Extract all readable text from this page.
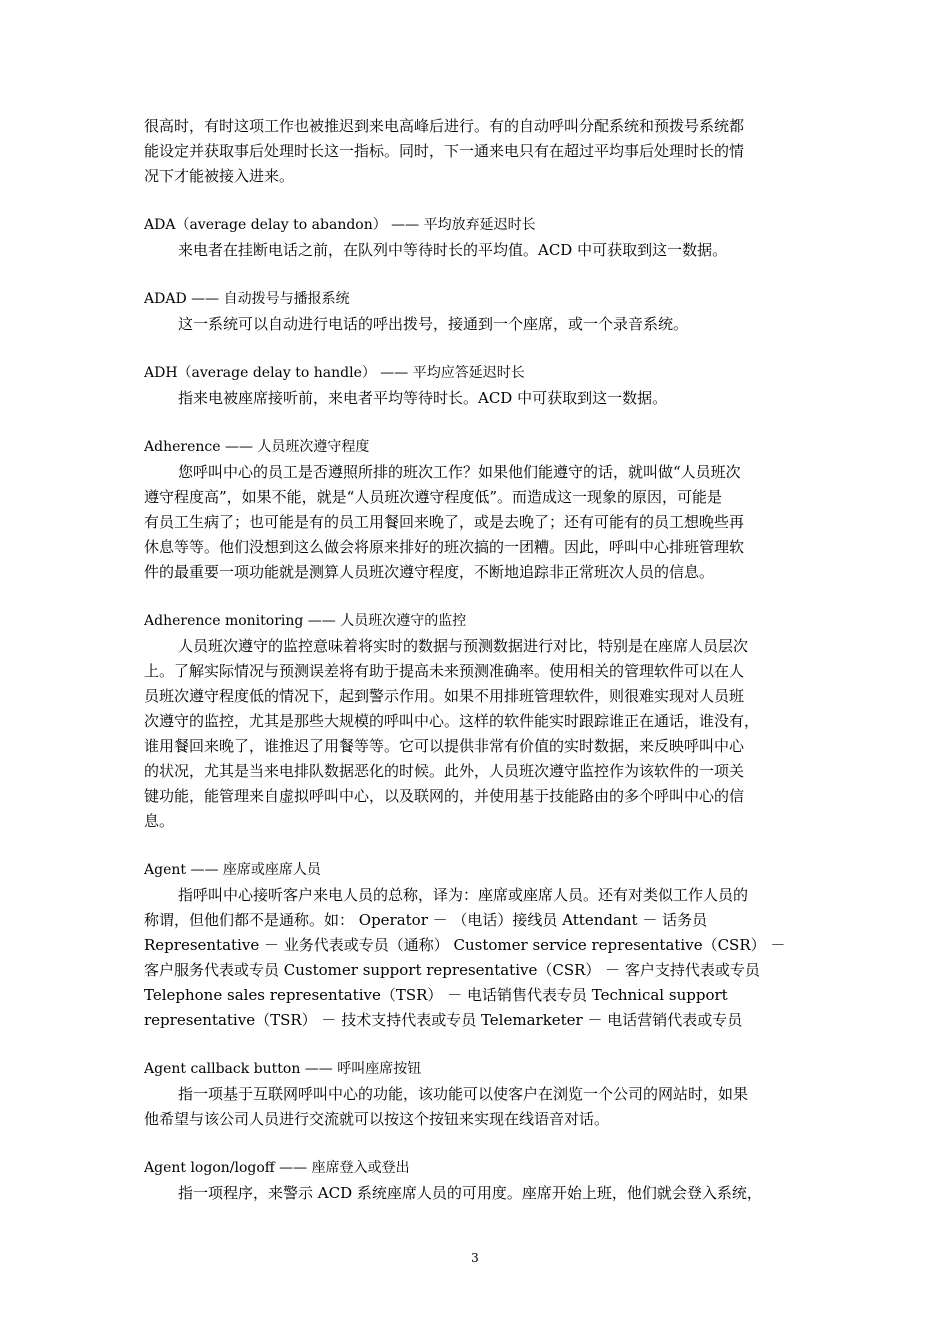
很高时，有时这项工作也被推迟到来电高峰后进行。有的自动呼叫分配系统和预拨号系统都
能设定并获取事后处理时长这一指标。同时，下一通来电只有在超过平均事后处理时长的情
况下才能被接入进来。

ADA（average delay to abandon） —— 平均放弃延迟时长

来电者在挂断电话之前，在队列中等待时长的平均值。ACD 中可获取到这一数据。

ADAD —— 自动拨号与播报系统

这一系统可以自动进行电话的呼出拨号，接通到一个座席，或一个录音系统。

ADH（average delay to handle） —— 平均应答延迟时长

指来电被座席接听前，来电者平均等待时长。ACD 中可获取到这一数据。

Adherence —— 人员班次遵守程度

您呼叫中心的员工是否遵照所排的班次工作？如果他们能遵守的话，就叫做“人员班次
遵守程度高”，如果不能，就是“人员班次遵守程度低”。而造成这一现象的原因，可能是
有员工生病了；也可能是有的员工用餐回来晚了，或是去晚了；还有可能有的员工想晚些再
休息等等。他们没想到这么做会将原来排好的班次搞的一团糟。因此，呼叫中心排班管理软
件的最重要一项功能就是测算人员班次遵守程度，不断地追踪非正常班次人员的信息。

Adherence monitoring —— 人员班次遵守的监控

人员班次遵守的监控意味着将实时的数据与预测数据进行对比，特别是在座席人员层次
上。了解实际情况与预测误差将有助于提高未来预测准确率。使用相关的管理软件可以在人
员班次遵守程度低的情况下，起到警示作用。如果不用排班管理软件，则很难实现对人员班
次遵守的监控，尤其是那些大规模的呼叫中心。这样的软件能实时跟踪谁正在通话，谁没有，
谁用餐回来晚了，谁推迟了用餐等等。它可以提供非常有价值的实时数据，来反映呼叫中心
的状况，尤其是当来电排队数据恶化的时候。此外，人员班次遵守监控作为该软件的一项关
键功能，能管理来自虚拟呼叫中心，以及联网的，并使用基于技能路由的多个呼叫中心的信
息。

Agent —— 座席或座席人员

指呼叫中心接听客户来电人员的总称，译为：座席或座席人员。还有对类似工作人员的
称谓，但他们都不是通称。如： Operator － （电话）接线员 Attendant － 话务员
Representative － 业务代表或专员（通称） Customer service representative（CSR） －
客户服务代表或专员 Customer support representative（CSR） － 客户支持代表或专员
Telephone sales representative（TSR） － 电话销售代表专员 Technical support
representative（TSR） － 技术支持代表或专员 Telemarketer － 电话营销代表或专员

Agent callback button —— 呼叫座席按钮

指一项基于互联网呼叫中心的功能，该功能可以使客户在浏览一个公司的网站时，如果
他希望与该公司人员进行交流就可以按这个按钮来实现在线语音对话。

Agent logon/logoff —— 座席登入或登出

指一项程序，来警示 ACD 系统座席人员的可用度。座席开始上班，他们就会登入系统，

3
